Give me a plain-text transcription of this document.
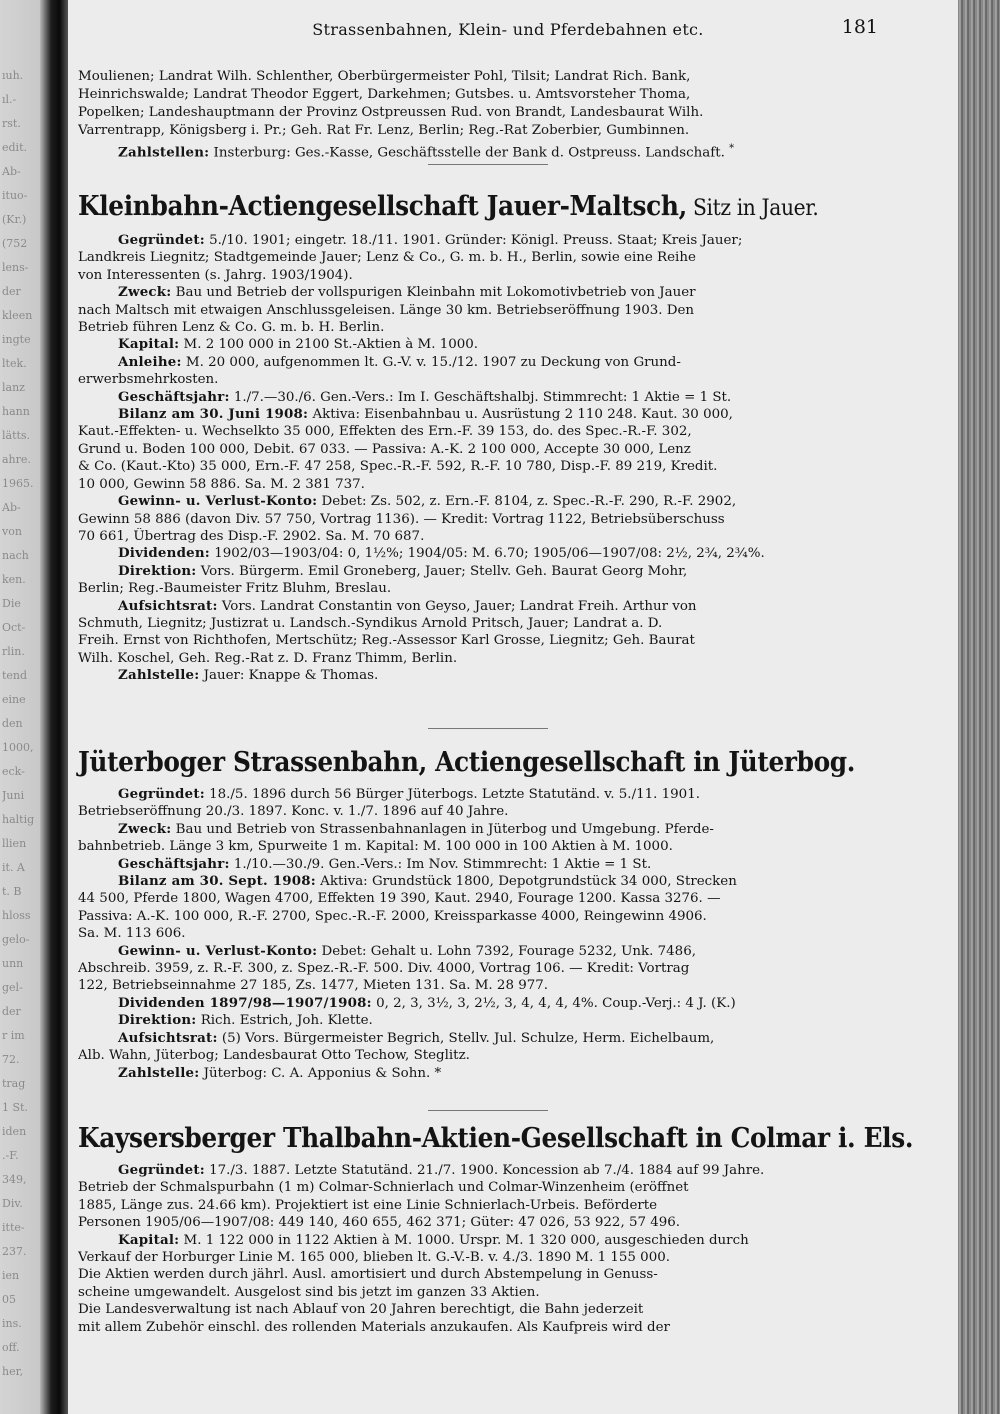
ıuh.
ıl.-
rst.
edit.
Ab-
ituo-
(Kr.)
(752
lens-
der
kleen
ingte
ltek.
lanz
hann
lätts.
ahre.
1965.
Ab-
von
nach
ken.
Die
Oct-
rlin.
tend
eine
den
1000,
eck-
Juni
haltig
llien
it. A
t. B
hloss
gelo-
unn
gel-
der
r im
72.
trag
1 St.
iden
.-F.
349,
Div.
itte-
237.
ien
05
ins.
off.
her,
Strassenbahnen, Klein- und Pferdebahnen etc.	181
Moulienen; Landrat Wilh. Schlenther, Oberbürgermeister Pohl, Tilsit; Landrat Rich. Bank,
Heinrichswalde; Landrat Theodor Eggert, Darkehmen; Gutsbes. u. Amtsvorsteher Thoma,
Popelken; Landeshauptmann der Provinz Ostpreussen Rud. von Brandt, Landesbaurat Wilh.
Varrentrapp, Königsberg i. Pr.; Geh. Rat Fr. Lenz, Berlin; Reg.-Rat Zoberbier, Gumbinnen.
Zahlstellen: Insterburg: Ges.-Kasse, Geschäftsstelle der Bank d. Ostpreuss. Landschaft. *
Kleinbahn-Actiengesellschaft Jauer-Maltsch, Sitz in Jauer.
Gegründet: 5./10. 1901; eingetr. 18./11. 1901. Gründer: Königl. Preuss. Staat; Kreis Jauer;
Landkreis Liegnitz; Stadtgemeinde Jauer; Lenz & Co., G. m. b. H., Berlin, sowie eine Reihe
von Interessenten (s. Jahrg. 1903/1904).
Zweck: Bau und Betrieb der vollspurigen Kleinbahn mit Lokomotivbetrieb von Jauer
nach Maltsch mit etwaigen Anschlussgeleisen. Länge 30 km. Betriebseröffnung 1903. Den
Betrieb führen Lenz & Co. G. m. b. H. Berlin.
Kapital: M. 2 100 000 in 2100 St.-Aktien à M. 1000.
Anleihe: M. 20 000, aufgenommen lt. G.-V. v. 15./12. 1907 zu Deckung von Grund-
erwerbsmehrkosten.
Geschäftsjahr: 1./7.—30./6. Gen.-Vers.: Im I. Geschäftshalbj. Stimmrecht: 1 Aktie = 1 St.
Bilanz am 30. Juni 1908: Aktiva: Eisenbahnbau u. Ausrüstung 2 110 248. Kaut. 30 000,
Kaut.-Effekten- u. Wechselkto 35 000, Effekten des Ern.-F. 39 153, do. des Spec.-R.-F. 302,
Grund u. Boden 100 000, Debit. 67 033. — Passiva: A.-K. 2 100 000, Accepte 30 000, Lenz
& Co. (Kaut.-Kto) 35 000, Ern.-F. 47 258, Spec.-R.-F. 592, R.-F. 10 780, Disp.-F. 89 219, Kredit.
10 000, Gewinn 58 886. Sa. M. 2 381 737.
Gewinn- u. Verlust-Konto: Debet: Zs. 502, z. Ern.-F. 8104, z. Spec.-R.-F. 290, R.-F. 2902,
Gewinn 58 886 (davon Div. 57 750, Vortrag 1136). — Kredit: Vortrag 1122, Betriebsüberschuss
70 661, Übertrag des Disp.-F. 2902. Sa. M. 70 687.
Dividenden: 1902/03—1903/04: 0, 1½%; 1904/05: M. 6.70; 1905/06—1907/08: 2½, 2¾, 2¾%.
Direktion: Vors. Bürgerm. Emil Groneberg, Jauer; Stellv. Geh. Baurat Georg Mohr,
Berlin; Reg.-Baumeister Fritz Bluhm, Breslau.
Aufsichtsrat: Vors. Landrat Constantin von Geyso, Jauer; Landrat Freih. Arthur von
Schmuth, Liegnitz; Justizrat u. Landsch.-Syndikus Arnold Pritsch, Jauer; Landrat a. D.
Freih. Ernst von Richthofen, Mertschütz; Reg.-Assessor Karl Grosse, Liegnitz; Geh. Baurat
Wilh. Koschel, Geh. Reg.-Rat z. D. Franz Thimm, Berlin.
Zahlstelle: Jauer: Knappe & Thomas.
Jüterboger Strassenbahn, Actiengesellschaft in Jüterbog.
Gegründet: 18./5. 1896 durch 56 Bürger Jüterbogs. Letzte Statutänd. v. 5./11. 1901.
Betriebseröffnung 20./3. 1897. Konc. v. 1./7. 1896 auf 40 Jahre.
Zweck: Bau und Betrieb von Strassenbahnanlagen in Jüterbog und Umgebung. Pferde-
bahnbetrieb. Länge 3 km, Spurweite 1 m. Kapital: M. 100 000 in 100 Aktien à M. 1000.
Geschäftsjahr: 1./10.—30./9. Gen.-Vers.: Im Nov. Stimmrecht: 1 Aktie = 1 St.
Bilanz am 30. Sept. 1908: Aktiva: Grundstück 1800, Depotgrundstück 34 000, Strecken
44 500, Pferde 1800, Wagen 4700, Effekten 19 390, Kaut. 2940, Fourage 1200. Kassa 3276. —
Passiva: A.-K. 100 000, R.-F. 2700, Spec.-R.-F. 2000, Kreissparkasse 4000, Reingewinn 4906.
Sa. M. 113 606.
Gewinn- u. Verlust-Konto: Debet: Gehalt u. Lohn 7392, Fourage 5232, Unk. 7486,
Abschreib. 3959, z. R.-F. 300, z. Spez.-R.-F. 500. Div. 4000, Vortrag 106. — Kredit: Vortrag
122, Betriebseinnahme 27 185, Zs. 1477, Mieten 131. Sa. M. 28 977.
Dividenden 1897/98—1907/1908: 0, 2, 3, 3½, 3, 2½, 3, 4, 4, 4, 4%. Coup.-Verj.: 4 J. (K.)
Direktion: Rich. Estrich, Joh. Klette.
Aufsichtsrat: (5) Vors. Bürgermeister Begrich, Stellv. Jul. Schulze, Herm. Eichelbaum,
Alb. Wahn, Jüterbog; Landesbaurat Otto Techow, Steglitz.
Zahlstelle: Jüterbog: C. A. Apponius & Sohn. *
Kaysersberger Thalbahn-Aktien-Gesellschaft in Colmar i. Els.
Gegründet: 17./3. 1887. Letzte Statutänd. 21./7. 1900. Koncession ab 7./4. 1884 auf 99 Jahre.
Betrieb der Schmalspurbahn (1 m) Colmar-Schnierlach und Colmar-Winzenheim (eröffnet
1885, Länge zus. 24.66 km). Projektiert ist eine Linie Schnierlach-Urbeis. Beförderte
Personen 1905/06—1907/08: 449 140, 460 655, 462 371; Güter: 47 026, 53 922, 57 496.
Kapital: M. 1 122 000 in 1122 Aktien à M. 1000. Urspr. M. 1 320 000, ausgeschieden durch
Verkauf der Horburger Linie M. 165 000, blieben lt. G.-V.-B. v. 4./3. 1890 M. 1 155 000.
Die Aktien werden durch jährl. Ausl. amortisiert und durch Abstempelung in Genuss-
scheine umgewandelt. Ausgelost sind bis jetzt im ganzen 33 Aktien.
Die Landesverwaltung ist nach Ablauf von 20 Jahren berechtigt, die Bahn jederzeit
mit allem Zubehör einschl. des rollenden Materials anzukaufen. Als Kaufpreis wird der
